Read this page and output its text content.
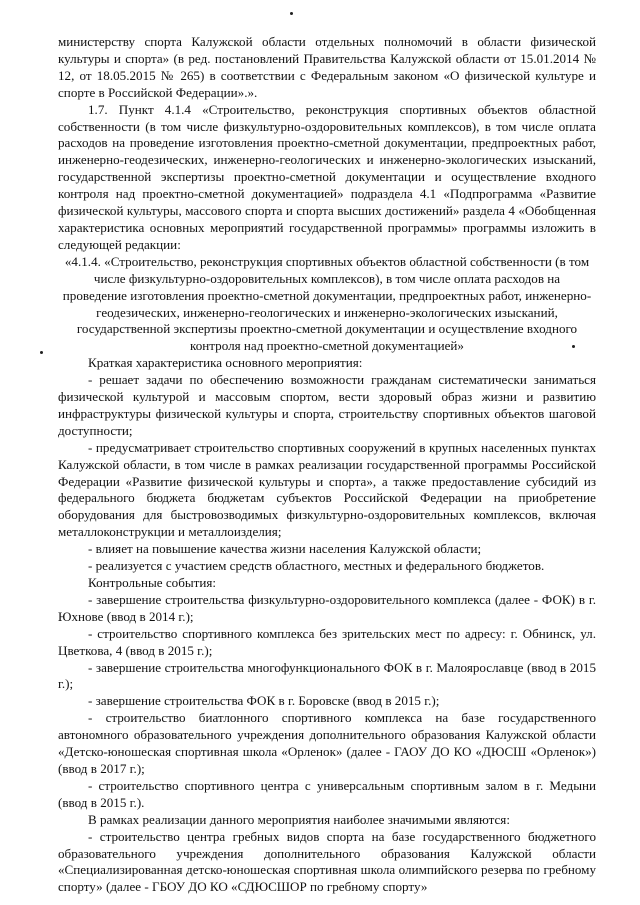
министерству спорта Калужской области отдельных полномочий в области физической культуры и спорта» (в ред. постановлений Правительства Калужской области от 15.01.2014 № 12, от 18.05.2015 № 265) в соответствии с Федеральным законом «О физической культуре и спорте в Российской Федерации».».

1.7. Пункт 4.1.4 «Строительство, реконструкция спортивных объектов областной собственности (в том числе физкультурно-оздоровительных комплексов), в том числе оплата расходов на проведение изготовления проектно-сметной документации, предпроектных работ, инженерно-геодезических, инженерно-геологических и инженерно-экологических изысканий, государственной экспертизы проектно-сметной документации и осуществление входного контроля над проектно-сметной документацией» подраздела 4.1 «Подпрограмма «Развитие физической культуры, массового спорта и спорта высших достижений» раздела 4 «Обобщенная характеристика основных мероприятий государственной программы» программы изложить в следующей редакции:

«4.1.4. «Строительство, реконструкция спортивных объектов областной собственности (в том числе физкультурно-оздоровительных комплексов), в том числе оплата расходов на проведение изготовления проектно-сметной документации, предпроектных работ, инженерно-геодезических, инженерно-геологических и инженерно-экологических изысканий, государственной экспертизы проектно-сметной документации и осуществление входного контроля над проектно-сметной документацией»

Краткая характеристика основного мероприятия:

- решает задачи по обеспечению возможности гражданам систематически заниматься физической культурой и массовым спортом, вести здоровый образ жизни и развитию инфраструктуры физической культуры и спорта, строительству спортивных объектов шаговой доступности;

- предусматривает строительство спортивных сооружений в крупных населенных пунктах Калужской области, в том числе в рамках реализации государственной программы Российской Федерации «Развитие физической культуры и спорта», а также предоставление субсидий из федерального бюджета бюджетам субъектов Российской Федерации на приобретение оборудования для быстровозводимых физкультурно-оздоровительных комплексов, включая металлоконструкции и металлоизделия;

- влияет на повышение качества жизни населения Калужской области;

- реализуется с участием средств областного, местных и федерального бюджетов.

Контрольные события:

- завершение строительства физкультурно-оздоровительного комплекса (далее - ФОК) в г. Юхнове (ввод в 2014 г.);

- строительство спортивного комплекса без зрительских мест по адресу: г. Обнинск, ул. Цветкова, 4 (ввод в 2015 г.);

- завершение строительства многофункционального ФОК в г. Малоярославце (ввод в 2015 г.);

- завершение строительства ФОК в г. Боровске (ввод в 2015 г.);

- строительство биатлонного спортивного комплекса на базе государственного автономного образовательного учреждения дополнительного образования Калужской области «Детско-юношеская спортивная школа «Орленок» (далее - ГАОУ ДО КО «ДЮСШ «Орленок») (ввод в 2017 г.);

- строительство спортивного центра с универсальным спортивным залом в г. Медыни (ввод в 2015 г.).

В рамках реализации данного мероприятия наиболее значимыми являются:

- строительство центра гребных видов спорта на базе государственного бюджетного образовательного учреждения дополнительного образования Калужской области «Специализированная детско-юношеская спортивная школа олимпийского резерва по гребному спорту» (далее - ГБОУ ДО КО «СДЮСШОР по гребному спорту»
